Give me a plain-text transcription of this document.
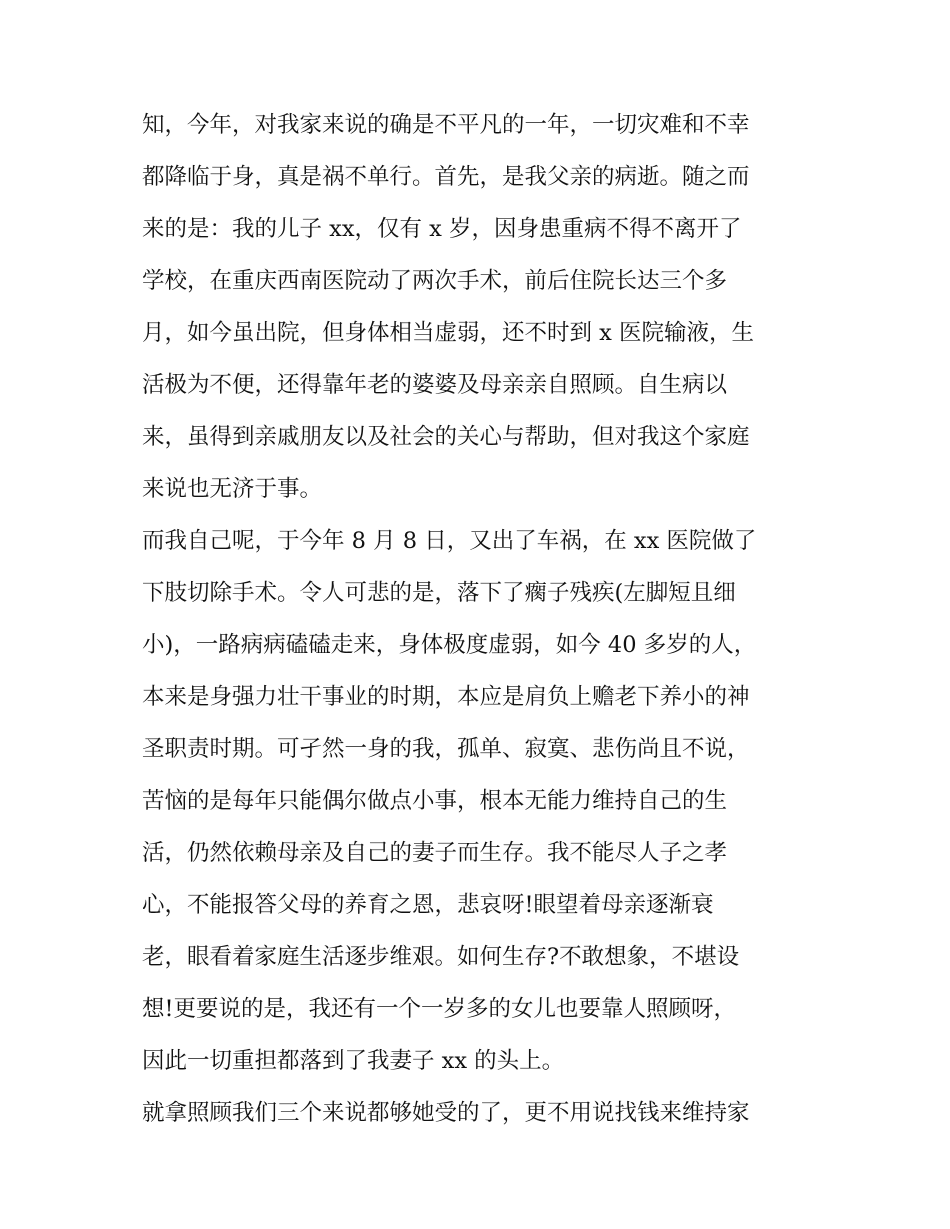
知，今年，对我家来说的确是不平凡的一年，一切灾难和不幸
都降临于身，真是祸不单行。首先，是我父亲的病逝。随之而
来的是：我的儿子 xx，仅有 x 岁，因身患重病不得不离开了
学校，在重庆西南医院动了两次手术，前后住院长达三个多
月，如今虽出院，但身体相当虚弱，还不时到 x 医院输液，生
活极为不便，还得靠年老的婆婆及母亲亲自照顾。自生病以
来，虽得到亲戚朋友以及社会的关心与帮助，但对我这个家庭
来说也无济于事。
而我自己呢，于今年 8 月 8 日，又出了车祸，在 xx 医院做了
下肢切除手术。令人可悲的是，落下了瘸子残疾(左脚短且细
小)，一路病病磕磕走来，身体极度虚弱，如今 40 多岁的人，
本来是身强力壮干事业的时期，本应是肩负上赡老下养小的神
圣职责时期。可孑然一身的我，孤单、寂寞、悲伤尚且不说，
苦恼的是每年只能偶尔做点小事，根本无能力维持自己的生
活，仍然依赖母亲及自己的妻子而生存。我不能尽人子之孝
心，不能报答父母的养育之恩，悲哀呀!眼望着母亲逐渐衰
老，眼看着家庭生活逐步维艰。如何生存?不敢想象，不堪设
想!更要说的是，我还有一个一岁多的女儿也要靠人照顾呀，
因此一切重担都落到了我妻子 xx 的头上。
就拿照顾我们三个来说都够她受的了，更不用说找钱来维持家
